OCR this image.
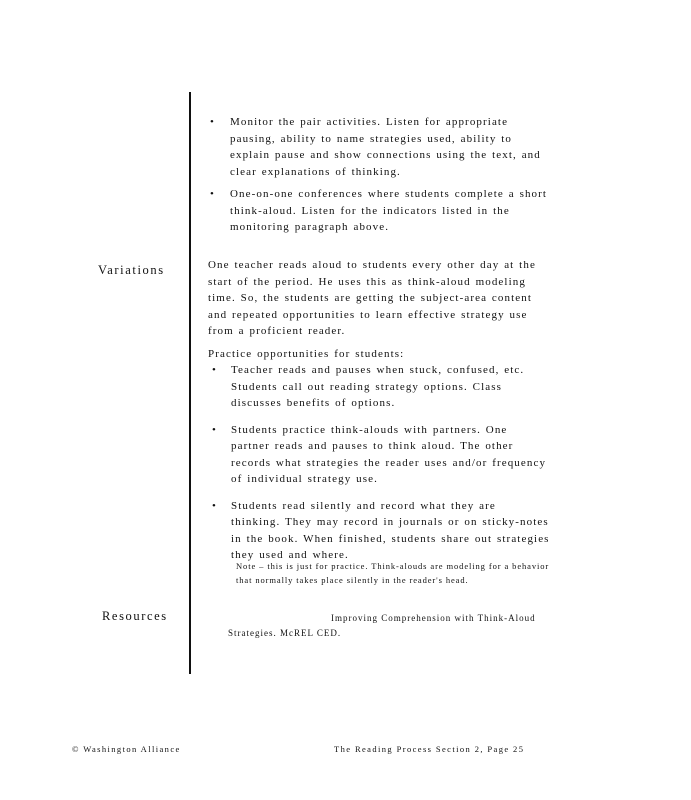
• Monitor the pair activities. Listen for appropriate pausing, ability to name strategies used, ability to explain pause and show connections using the text, and clear explanations of thinking.
• One-on-one conferences where students complete a short think-aloud. Listen for the indicators listed in the monitoring paragraph above.
Variations	One teacher reads aloud to students every other day at the start of the period. He uses this as think-aloud modeling time. So, the students are getting the subject-area content and repeated opportunities to learn effective strategy use from a proficient reader.

Practice opportunities for students:

• Teacher reads and pauses when stuck, confused, etc. Students call out reading strategy options. Class discusses benefits of options.
• Students practice think-alouds with partners. One partner reads and pauses to think aloud. The other records what strategies the reader uses and/or frequency of individual strategy use.
• Students read silently and record what they are thinking. They may record in journals or on sticky-notes in the book. When finished, students share out strategies they used and where.
Note – this is just for practice. Think-alouds are modeling for a behavior that normally takes place silently in the reader's head.
Resources	Improving Comprehension with Think-Aloud
Strategies. McREL CED.
© Washington Alliance	The Reading Process Section 2, Page 25
